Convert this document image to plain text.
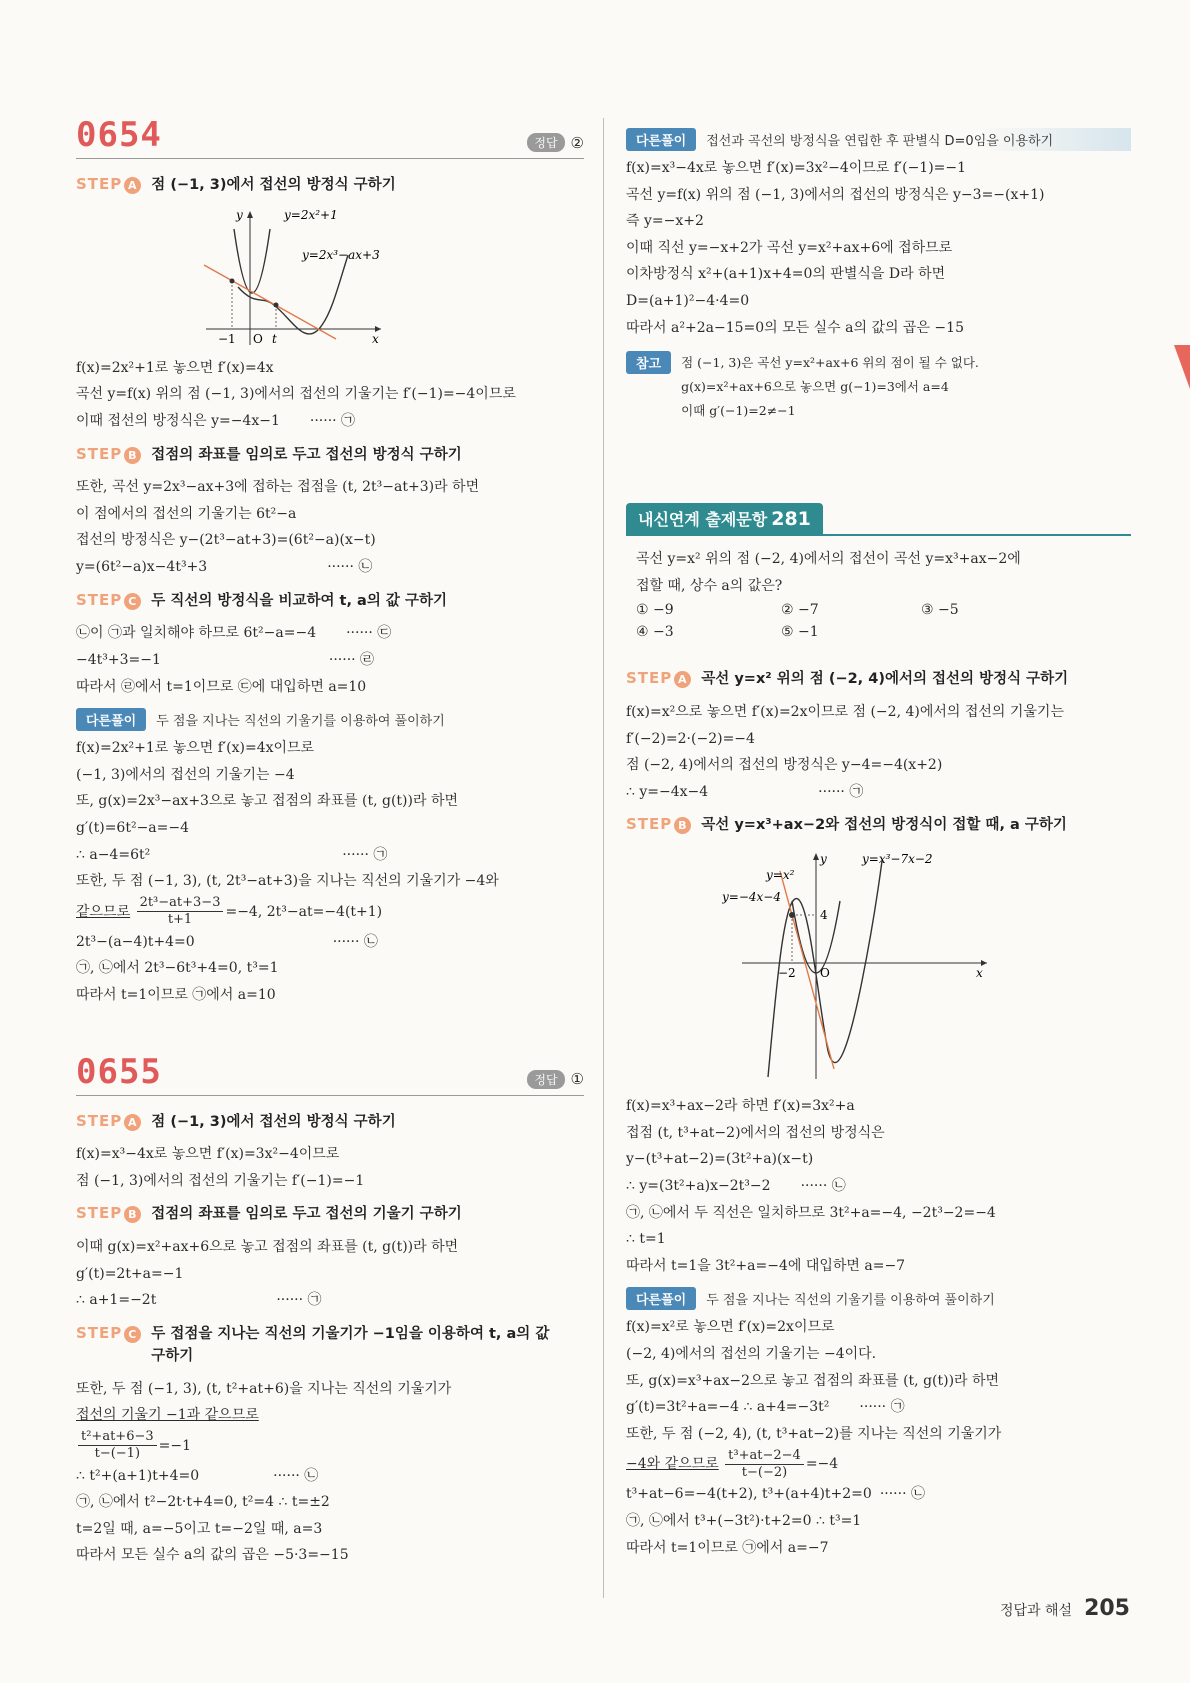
0654	정답 ②
STEP A 점 (−1, 3)에서 접선의 방정식 구하기
y
x
y=2x²+1
y=2x³−ax+3
−1 O t
f(x)=2x²+1로 놓으면 f′(x)=4x
곡선 y=f(x) 위의 점 (−1, 3)에서의 접선의 기울기는 f′(−1)=−4이므로
이때 접선의 방정식은 y=−4x−1 ······ ㉠
STEP B 접점의 좌표를 임의로 두고 접선의 방정식 구하기
또한, 곡선 y=2x³−ax+3에 접하는 접점을 (t, 2t³−at+3)라 하면
이 점에서의 접선의 기울기는 6t²−a
접선의 방정식은 y−(2t³−at+3)=(6t²−a)(x−t)
y=(6t²−a)x−4t³+3	······ ㉡
STEP C 두 직선의 방정식을 비교하여 t, a의 값 구하기
㉡이 ㉠과 일치해야 하므로 6t²−a=−4 ······ ㉢
−4t³+3=−1	······ ㉣
따라서 ㉣에서 t=1이므로 ㉢에 대입하면 a=10
다른풀이	두 점을 지나는 직선의 기울기를 이용하여 풀이하기
f(x)=2x²+1로 놓으면 f′(x)=4x이므로
(−1, 3)에서의 접선의 기울기는 −4
또, g(x)=2x³−ax+3으로 놓고 접점의 좌표를 (t, g(t))라 하면
g′(t)=6t²−a=−4
∴ a−4=6t²	······ ㉠
또한, 두 점 (−1, 3), (t, 2t³−at+3)을 지나는 직선의 기울기가 −4와
같으므로 $\frac{\text{2t³−at+3−3}}{t+1} =-4$, 2t³−at=−4(t+1)
2t³−(a−4)t+4=0	······ ㉡
㉠, ㉡에서 2t³−6t³+4=0, t³=1
따라서 t=1이므로 ㉠에서 a=10
0655	정답 ①
STEP A 점 (−1, 3)에서 접선의 방정식 구하기
f(x)=x³−4x로 놓으면 f′(x)=3x²−4이므로
점 (−1, 3)에서의 접선의 기울기는 f′(−1)=−1
STEP B 접점의 좌표를 임의로 두고 접선의 기울기 구하기
이때 g(x)=x²+ax+6으로 놓고 접점의 좌표를 (t, g(t))라 하면
g′(t)=2t+a=−1
∴ a+1=−2t	······ ㉠
STEP C 두 접점을 지나는 직선의 기울기가 −1임을 이용하여 t, a의 값 구하기
또한, 두 점 (−1, 3), (t, t²+at+6)을 지나는 직선의 기울기가
접선의 기울기 −1과 같으므로
$\frac{\text{t²+at+6−3}}{t-(-1)} =-1$
∴ t²+(a+1)t+4=0	······ ㉡
㉠, ㉡에서 t²−2t·t+4=0, t²=4 ∴ t=±2
t=2일 때, a=−5이고 t=−2일 때, a=3
따라서 모든 실수 a의 값의 곱은 −5·3=−15
다른풀이	접선과 곡선의 방정식을 연립한 후 판별식 D=0임을 이용하기
f(x)=x³−4x로 놓으면 f′(x)=3x²−4이므로 f′(−1)=−1
곡선 y=f(x) 위의 점 (−1, 3)에서의 접선의 방정식은 y−3=−(x+1)
즉 y=−x+2
이때 직선 y=−x+2가 곡선 y=x²+ax+6에 접하므로
이차방정식 x²+(a+1)x+4=0의 판별식을 D라 하면
D=(a+1)²−4·4=0
따라서 a²+2a−15=0의 모든 실수 a의 값의 곱은 −15
참고	점 (−1, 3)은 곡선 y=x²+ax+6 위의 점이 될 수 없다.
g(x)=x²+ax+6으로 놓으면 g(−1)=3에서 a=4
이때 g′(−1)=2≠−1
내신연계 출제문항 281
곡선 y=x² 위의 점 (−2, 4)에서의 접선이 곡선 y=x³+ax−2에
접할 때, 상수 a의 값은?
① −9	② −7	③ −5
④ −3	⑤ −1
STEP A 곡선 y=x² 위의 점 (−2, 4)에서의 접선의 방정식 구하기
f(x)=x²으로 놓으면 f′(x)=2x이므로 점 (−2, 4)에서의 접선의 기울기는
f′(−2)=2·(−2)=−4
점 (−2, 4)에서의 접선의 방정식은 y−4=−4(x+2)
∴ y=−4x−4	······ ㉠
STEP B 곡선 y=x³+ax−2와 접선의 방정식이 접할 때, a 구하기
y
x
y=x²
y=x³−7x−2
y=−4x−4
4
−2 O
f(x)=x³+ax−2라 하면 f′(x)=3x²+a
접점 (t, t³+at−2)에서의 접선의 방정식은
y−(t³+at−2)=(3t²+a)(x−t)
∴ y=(3t²+a)x−2t³−2 ······ ㉡
㉠, ㉡에서 두 직선은 일치하므로 3t²+a=−4, −2t³−2=−4
∴ t=1
따라서 t=1을 3t²+a=−4에 대입하면 a=−7
다른풀이	두 점을 지나는 직선의 기울기를 이용하여 풀이하기
f(x)=x²로 놓으면 f′(x)=2x이므로
(−2, 4)에서의 접선의 기울기는 −4이다.
또, g(x)=x³+ax−2으로 놓고 접점의 좌표를 (t, g(t))라 하면
g′(t)=3t²+a=−4 ∴ a+4=−3t² ······ ㉠
또한, 두 점 (−2, 4), (t, t³+at−2)를 지나는 직선의 기울기가
−4와 같으므로 $\frac{\text{t³+at−2−4}}{t-(-2)} =-4$
t³+at−6=−4(t+2), t³+(a+4)t+2=0 ······ ㉡
㉠, ㉡에서 t³+(−3t²)·t+2=0 ∴ t³=1
따라서 t=1이므로 ㉠에서 a=−7
정답과 해설 205
